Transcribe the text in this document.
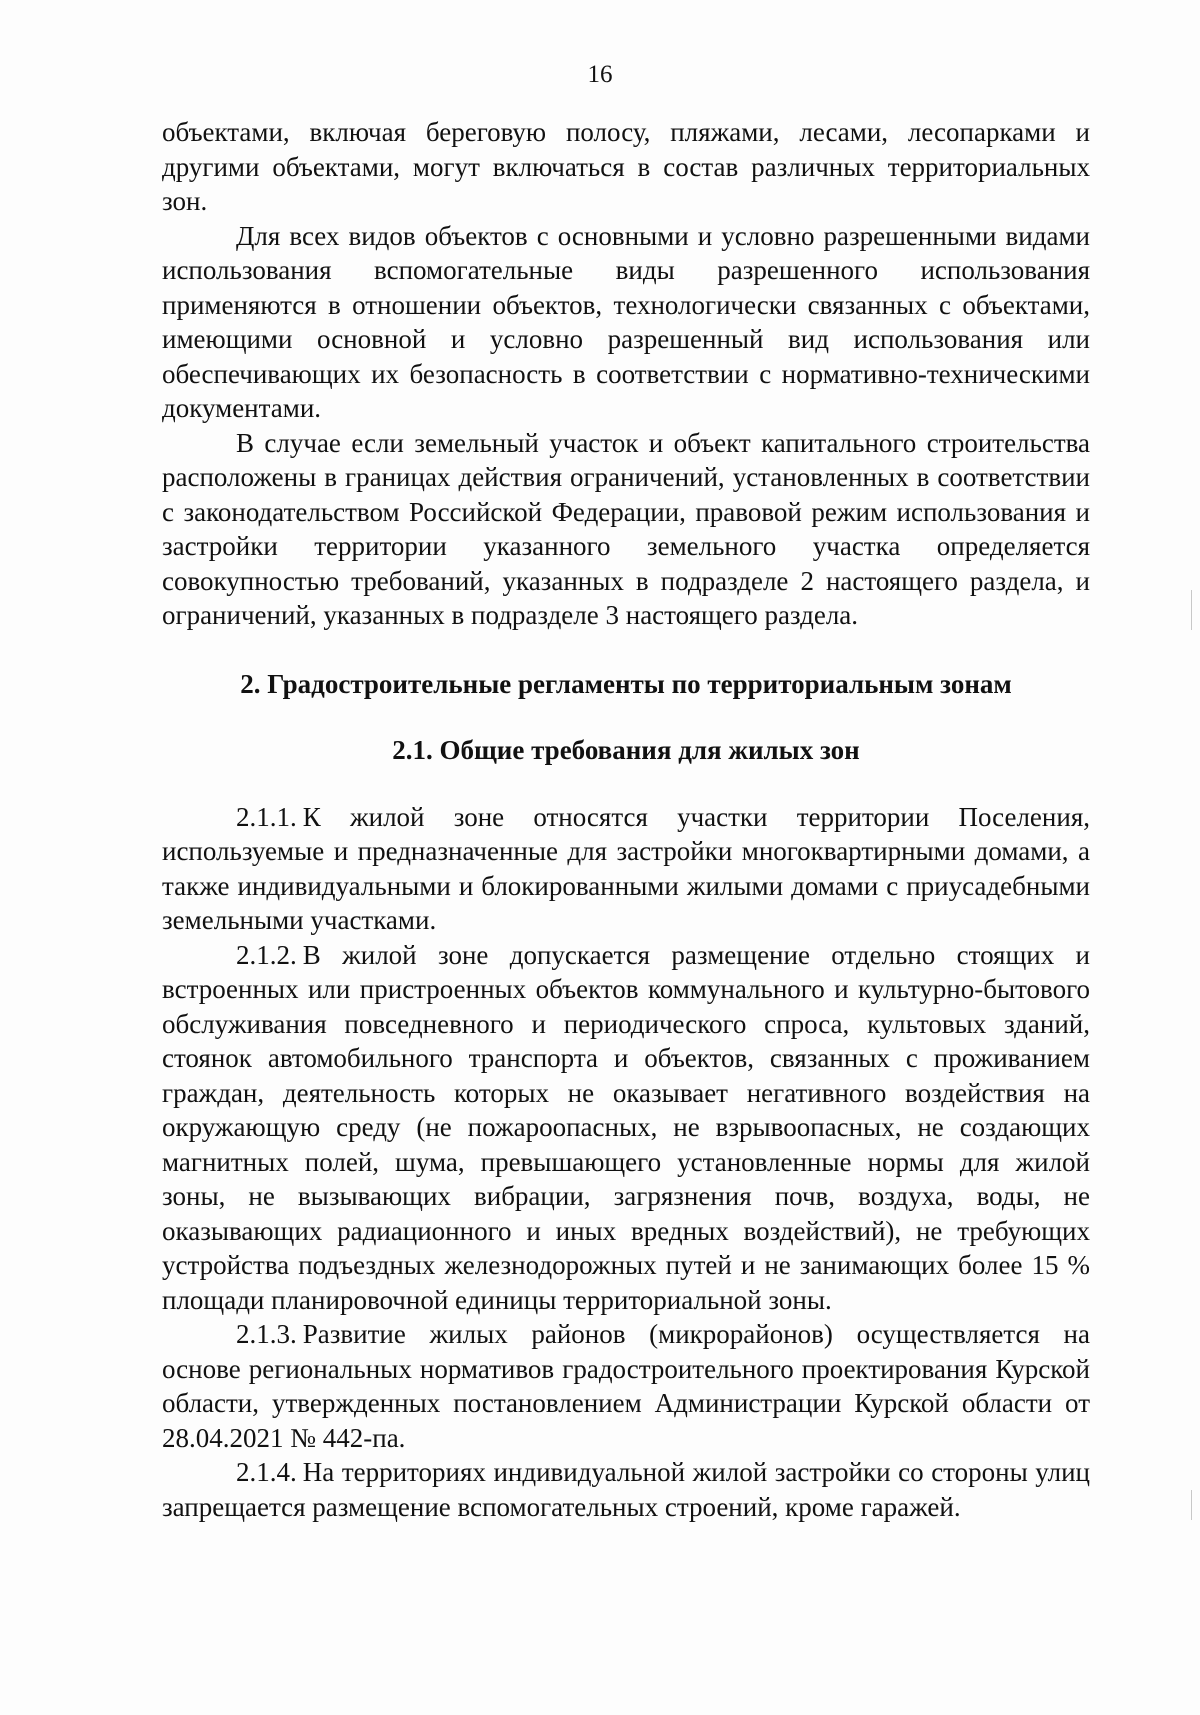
16

объектами, включая береговую полосу, пляжами, лесами, лесопарками и другими объектами, могут включаться в состав различных территориальных зон.

Для всех видов объектов с основными и условно разрешенными видами использования вспомогательные виды разрешенного использования применяются в отношении объектов, технологически связанных с объектами, имеющими основной и условно разрешенный вид использования или обеспечивающих их безопасность в соответствии с нормативно-техническими документами.

В случае если земельный участок и объект капитального строительства расположены в границах действия ограничений, установленных в соответствии с законодательством Российской Федерации, правовой режим использования и застройки территории указанного земельного участка определяется совокупностью требований, указанных в подразделе 2 настоящего раздела, и ограничений, указанных в подразделе 3 настоящего раздела.

2. Градостроительные регламенты по территориальным зонам
2.1. Общие требования для жилых зон

2.1.1. К жилой зоне относятся участки территории Поселения, используемые и предназначенные для застройки многоквартирными домами, а также индивидуальными и блокированными жилыми домами с приусадебными земельными участками.

2.1.2. В жилой зоне допускается размещение отдельно стоящих и встроенных или пристроенных объектов коммунального и культурно-бытового обслуживания повседневного и периодического спроса, культовых зданий, стоянок автомобильного транспорта и объектов, связанных с проживанием граждан, деятельность которых не оказывает негативного воздействия на окружающую среду (не пожароопасных, не взрывоопасных, не создающих магнитных полей, шума, превышающего установленные нормы для жилой зоны, не вызывающих вибрации, загрязнения почв, воздуха, воды, не оказывающих радиационного и иных вредных воздействий), не требующих устройства подъездных железнодорожных путей и не занимающих более 15 % площади планировочной единицы территориальной зоны.

2.1.3. Развитие жилых районов (микрорайонов) осуществляется на основе региональных нормативов градостроительного проектирования Курской области, утвержденных постановлением Администрации Курской области от 28.04.2021 № 442-па.

2.1.4. На территориях индивидуальной жилой застройки со стороны улиц запрещается размещение вспомогательных строений, кроме гаражей.
